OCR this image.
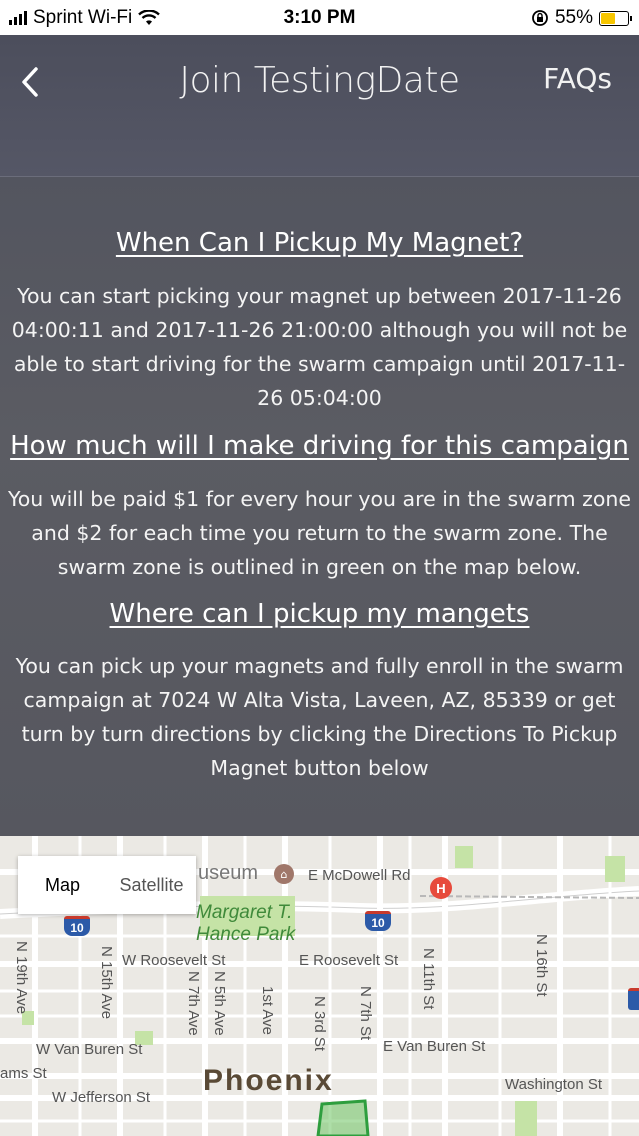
Sprint Wi-Fi	3:10 PM	55%
Join TestingDate	FAQs
When Can I Pickup My Magnet?
You can start picking your magnet up between 2017-11-26
04:00:11 and 2017-11-26 21:00:00 although you will not be
able to start driving for the swarm campaign until 2017-11-
26 05:04:00
How much will I make driving for this campaign
You will be paid $1 for every hour you are in the swarm zone
and $2 for each time you return to the swarm zone. The
swarm zone is outlined in green on the map below.
Where can I pickup my mangets
You can pick up your magnets and fully enroll in the swarm
campaign at 7024 W Alta Vista, Laveen, AZ, 85339 or get
turn by turn directions by clicking the Directions To Pickup
Magnet button below
Map	Satellite
useum	⌂	E McDowell Rd
H
Margaret T. Hance Park
10	10
W Roosevelt St	E Roosevelt St
N 19th Ave	N 15th Ave	N 7th Ave N 5th Ave 1st Ave N 3rd St N 7th St
N 11th St	N 16th St
W Van Buren St	E Van Buren St
ams St
W Jefferson St
Washington St
Phoenix
